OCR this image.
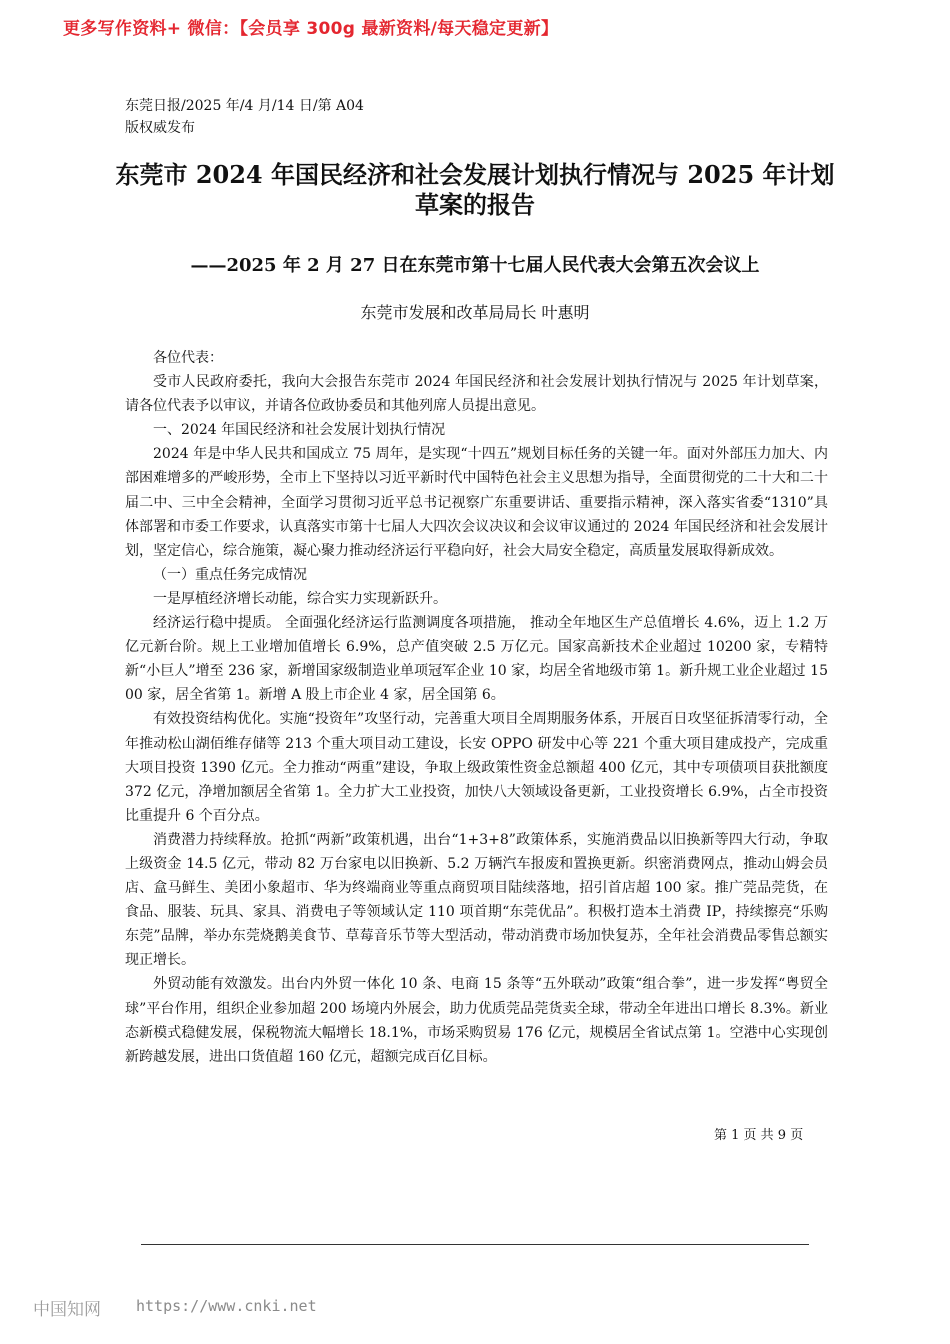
更多写作资料+ 微信：【会员享 300g 最新资料/每天稳定更新】
东莞日报/2025 年/4 月/14 日/第 A04
版权威发布
东莞市 2024 年国民经济和社会发展计划执行情况与 2025 年计划草案的报告
——2025 年 2 月 27 日在东莞市第十七届人民代表大会第五次会议上
东莞市发展和改革局局长 叶惠明

各位代表：

受市人民政府委托，我向大会报告东莞市 2024 年国民经济和社会发展计划执行情况与 2025 年计划草案，请各位代表予以审议，并请各位政协委员和其他列席人员提出意见。

一、2024 年国民经济和社会发展计划执行情况

2024 年是中华人民共和国成立 75 周年，是实现“十四五”规划目标任务的关键一年。面对外部压力加大、内部困难增多的严峻形势，全市上下坚持以习近平新时代中国特色社会主义思想为指导，全面贯彻党的二十大和二十届二中、三中全会精神，全面学习贯彻习近平总书记视察广东重要讲话、重要指示精神，深入落实省委“1310”具体部署和市委工作要求，认真落实市第十七届人大四次会议决议和会议审议通过的 2024 年国民经济和社会发展计划，坚定信心，综合施策，凝心聚力推动经济运行平稳向好，社会大局安全稳定，高质量发展取得新成效。

（一）重点任务完成情况

一是厚植经济增长动能，综合实力实现新跃升。

经济运行稳中提质。 全面强化经济运行监测调度各项措施， 推动全年地区生产总值增长 4.6%，迈上 1.2 万亿元新台阶。规上工业增加值增长 6.9%，总产值突破 2.5 万亿元。国家高新技术企业超过 10200 家，专精特新“小巨人”增至 236 家，新增国家级制造业单项冠军企业 10 家，均居全省地级市第 1。新升规工业企业超过 1500 家，居全省第 1。新增 A 股上市企业 4 家，居全国第 6。

有效投资结构优化。实施“投资年”攻坚行动，完善重大项目全周期服务体系，开展百日攻坚征拆清零行动，全年推动松山湖佰维存储等 213 个重大项目动工建设，长安 OPPO 研发中心等 221 个重大项目建成投产，完成重大项目投资 1390 亿元。全力推动“两重”建设，争取上级政策性资金总额超 400 亿元，其中专项债项目获批额度 372 亿元，净增加额居全省第 1。全力扩大工业投资，加快八大领域设备更新，工业投资增长 6.9%，占全市投资比重提升 6 个百分点。

消费潜力持续释放。抢抓“两新”政策机遇，出台“1+3+8”政策体系，实施消费品以旧换新等四大行动，争取上级资金 14.5 亿元，带动 82 万台家电以旧换新、5.2 万辆汽车报废和置换更新。织密消费网点，推动山姆会员店、盒马鲜生、美团小象超市、华为终端商业等重点商贸项目陆续落地，招引首店超 100 家。推广莞品莞货，在食品、服装、玩具、家具、消费电子等领域认定 110 项首期“东莞优品”。积极打造本土消费 IP，持续擦亮“乐购东莞”品牌，举办东莞烧鹅美食节、草莓音乐节等大型活动，带动消费市场加快复苏，全年社会消费品零售总额实现正增长。

外贸动能有效激发。出台内外贸一体化 10 条、电商 15 条等“五外联动”政策“组合拳”，进一步发挥“粤贸全球”平台作用，组织企业参加超 200 场境内外展会，助力优质莞品莞货卖全球，带动全年进出口增长 8.3%。新业态新模式稳健发展，保税物流大幅增长 18.1%，市场采购贸易 176 亿元，规模居全省试点第 1。空港中心实现创新跨越发展，进出口货值超 160 亿元，超额完成百亿目标。

第 1 页 共 9 页
中国知网 https://www.cnki.net
